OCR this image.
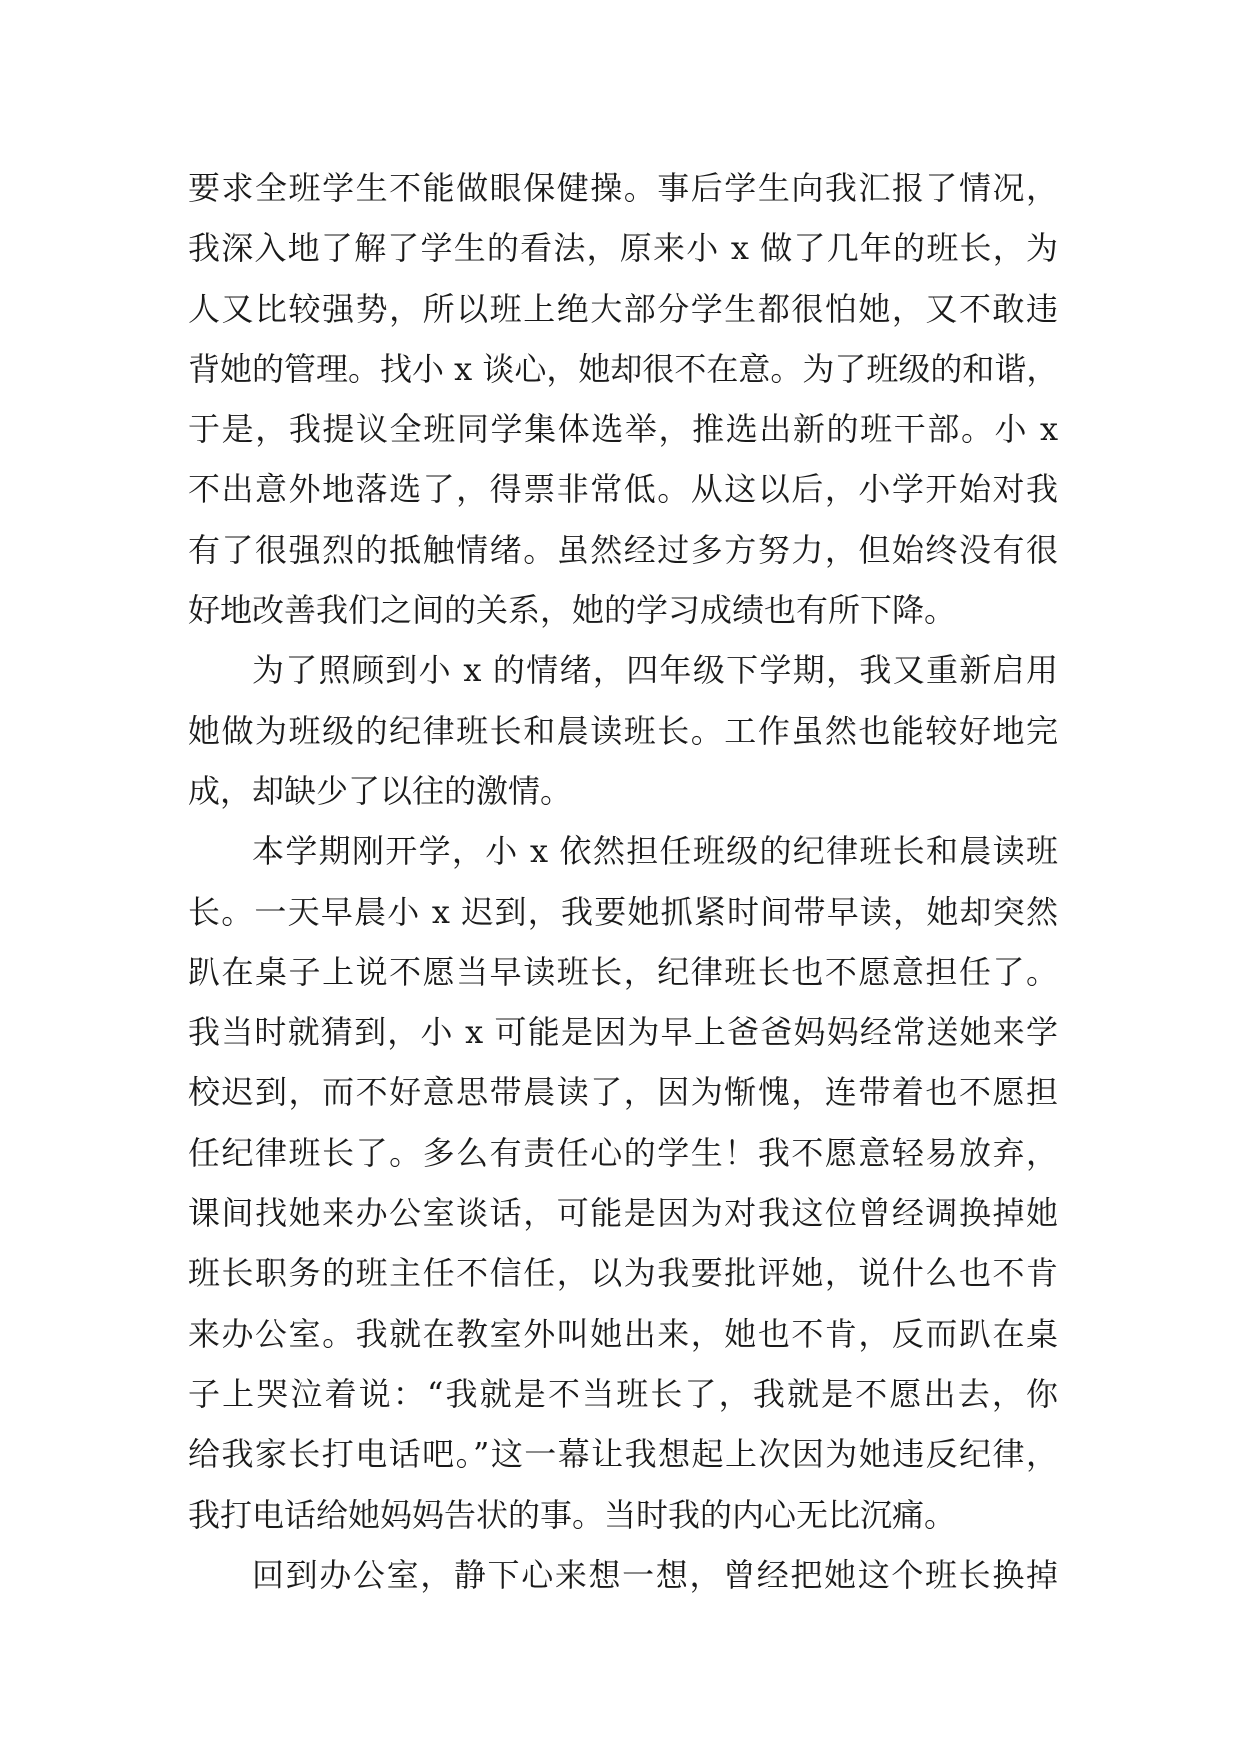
要求全班学生不能做眼保健操。事后学生向我汇报了情况，
我深入地了解了学生的看法，原来小 x 做了几年的班长，为
人又比较强势，所以班上绝大部分学生都很怕她，又不敢违
背她的管理。找小 x 谈心，她却很不在意。为了班级的和谐，
于是，我提议全班同学集体选举，推选出新的班干部。小 x
不出意外地落选了，得票非常低。从这以后，小学开始对我
有了很强烈的抵触情绪。虽然经过多方努力，但始终没有很
好地改善我们之间的关系，她的学习成绩也有所下降。
为了照顾到小 x 的情绪，四年级下学期，我又重新启用
她做为班级的纪律班长和晨读班长。工作虽然也能较好地完
成，却缺少了以往的激情。
本学期刚开学，小 x 依然担任班级的纪律班长和晨读班
长。一天早晨小 x 迟到，我要她抓紧时间带早读，她却突然
趴在桌子上说不愿当早读班长，纪律班长也不愿意担任了。
我当时就猜到，小 x 可能是因为早上爸爸妈妈经常送她来学
校迟到，而不好意思带晨读了，因为惭愧，连带着也不愿担
任纪律班长了。多么有责任心的学生！我不愿意轻易放弃，
课间找她来办公室谈话，可能是因为对我这位曾经调换掉她
班长职务的班主任不信任，以为我要批评她，说什么也不肯
来办公室。我就在教室外叫她出来，她也不肯，反而趴在桌
子上哭泣着说：“我就是不当班长了，我就是不愿出去，你
给我家长打电话吧。”这一幕让我想起上次因为她违反纪律，
我打电话给她妈妈告状的事。当时我的内心无比沉痛。
回到办公室，静下心来想一想，曾经把她这个班长换掉
